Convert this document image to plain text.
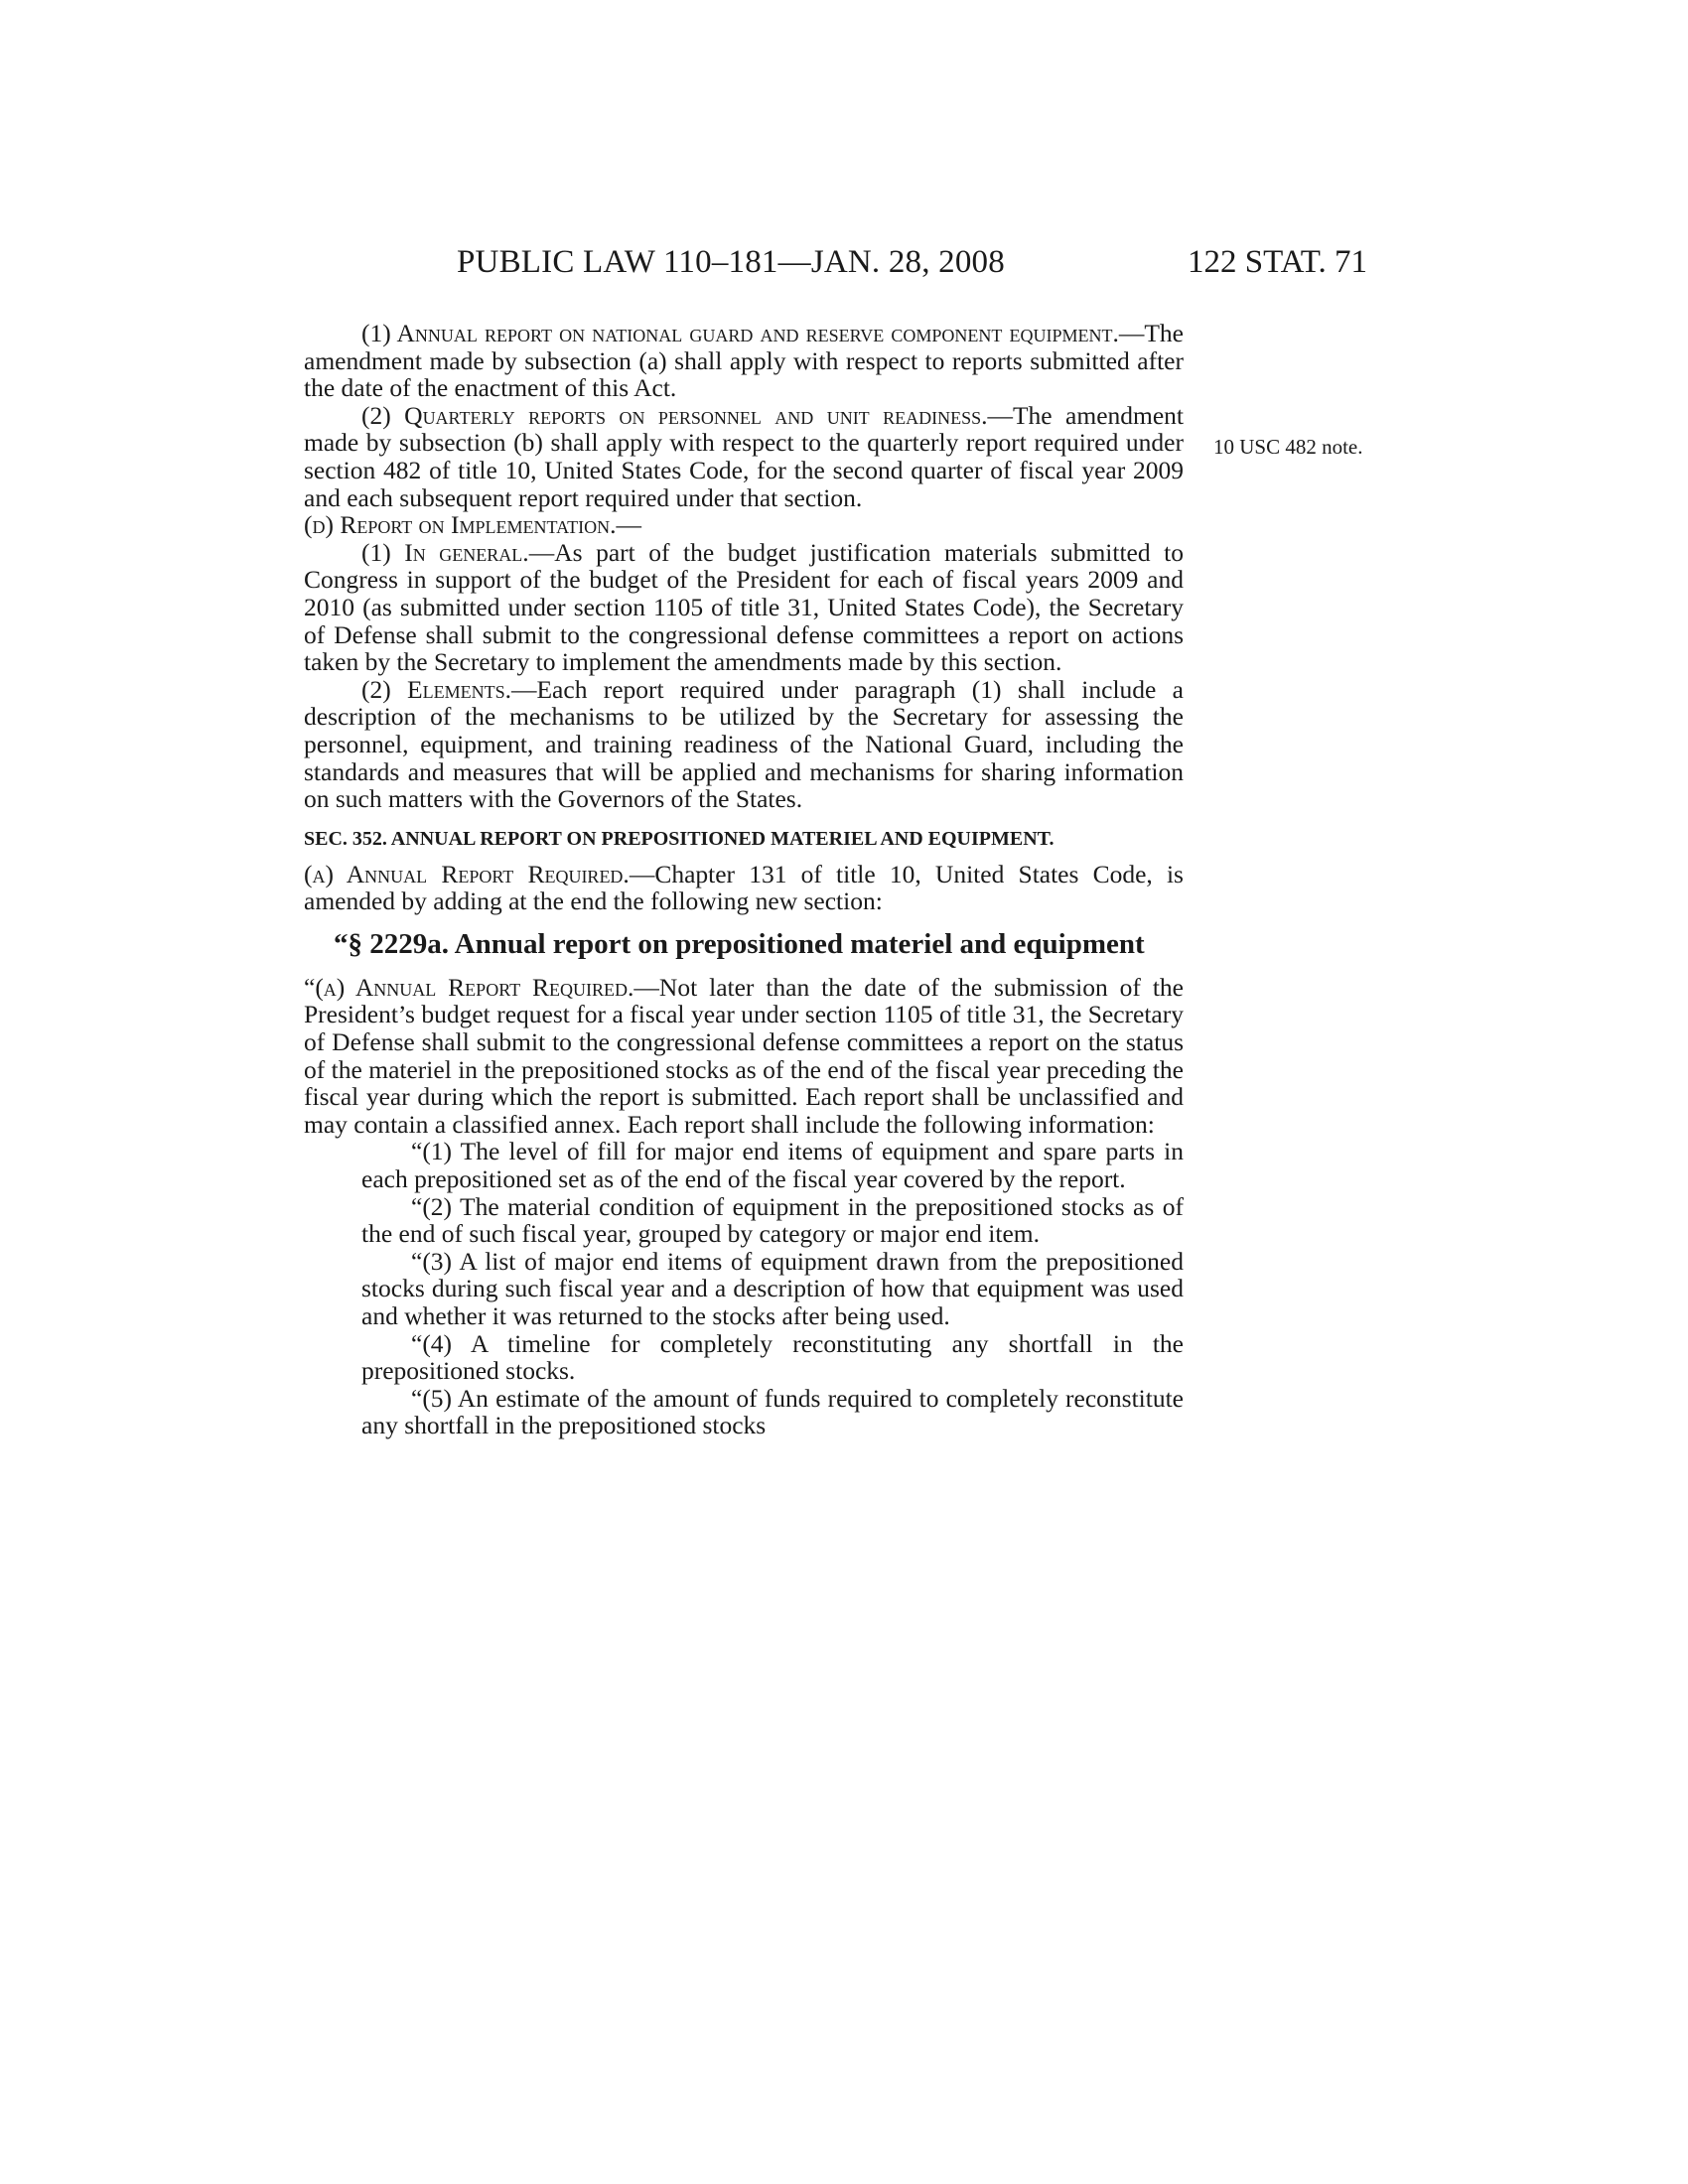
PUBLIC LAW 110–181—JAN. 28, 2008	122 STAT. 71
10 USC 482 note.

(1) Annual report on national guard and reserve component equipment.—The amendment made by subsection (a) shall apply with respect to reports submitted after the date of the enactment of this Act.

(2) Quarterly reports on personnel and unit readiness.—The amendment made by subsection (b) shall apply with respect to the quarterly report required under section 482 of title 10, United States Code, for the second quarter of fiscal year 2009 and each subsequent report required under that section.

(d) Report on Implementation.—

(1) In general.—As part of the budget justification materials submitted to Congress in support of the budget of the President for each of fiscal years 2009 and 2010 (as submitted under section 1105 of title 31, United States Code), the Secretary of Defense shall submit to the congressional defense committees a report on actions taken by the Secretary to implement the amendments made by this section.

(2) Elements.—Each report required under paragraph (1) shall include a description of the mechanisms to be utilized by the Secretary for assessing the personnel, equipment, and training readiness of the National Guard, including the standards and measures that will be applied and mechanisms for sharing information on such matters with the Governors of the States.

SEC. 352. ANNUAL REPORT ON PREPOSITIONED MATERIEL AND EQUIPMENT.

(a) Annual Report Required.—Chapter 131 of title 10, United States Code, is amended by adding at the end the following new section:

“§ 2229a. Annual report on prepositioned materiel and equipment

“(a) Annual Report Required.—Not later than the date of the submission of the President’s budget request for a fiscal year under section 1105 of title 31, the Secretary of Defense shall submit to the congressional defense committees a report on the status of the materiel in the prepositioned stocks as of the end of the fiscal year preceding the fiscal year during which the report is submitted. Each report shall be unclassified and may contain a classified annex. Each report shall include the following information:

“(1) The level of fill for major end items of equipment and spare parts in each prepositioned set as of the end of the fiscal year covered by the report.

“(2) The material condition of equipment in the prepositioned stocks as of the end of such fiscal year, grouped by category or major end item.

“(3) A list of major end items of equipment drawn from the prepositioned stocks during such fiscal year and a description of how that equipment was used and whether it was returned to the stocks after being used.

“(4) A timeline for completely reconstituting any shortfall in the prepositioned stocks.

“(5) An estimate of the amount of funds required to completely reconstitute any shortfall in the prepositioned stocks
